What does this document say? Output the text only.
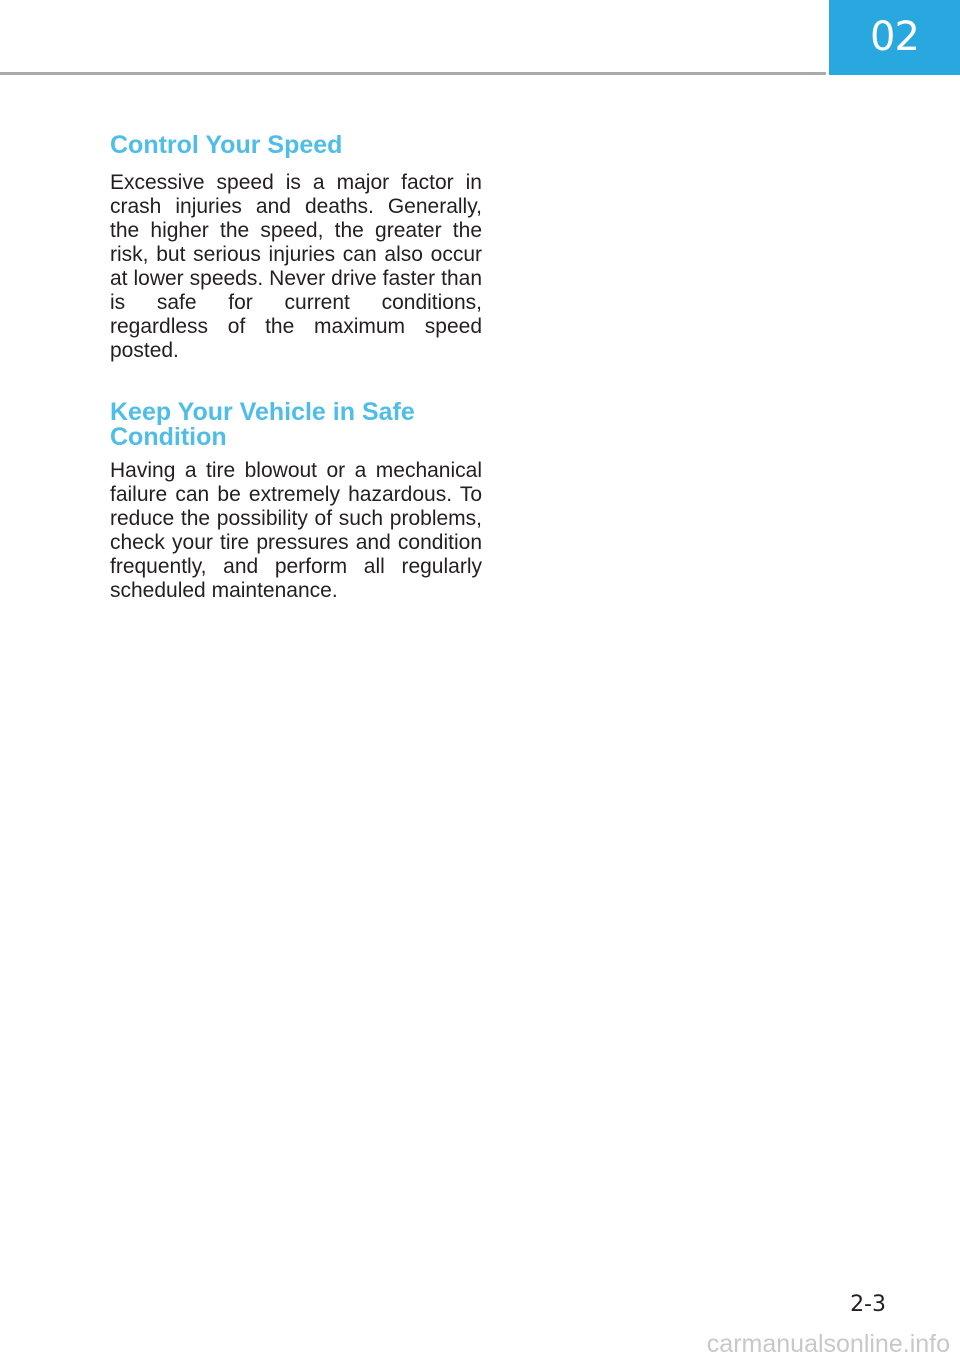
02
Control Your Speed

Excessive speed is a major factor in crash injuries and deaths. Generally, the higher the speed, the greater the risk, but serious injuries can also occur at lower speeds. Never drive faster than is safe for current conditions, regardless of the maximum speed posted.

Keep Your Vehicle in Safe Condition

Having a tire blowout or a mechanical failure can be extremely hazardous. To reduce the possibility of such problems, check your tire pressures and condition frequently, and perform all regularly scheduled maintenance.

2-3
carmanualsonline.info
